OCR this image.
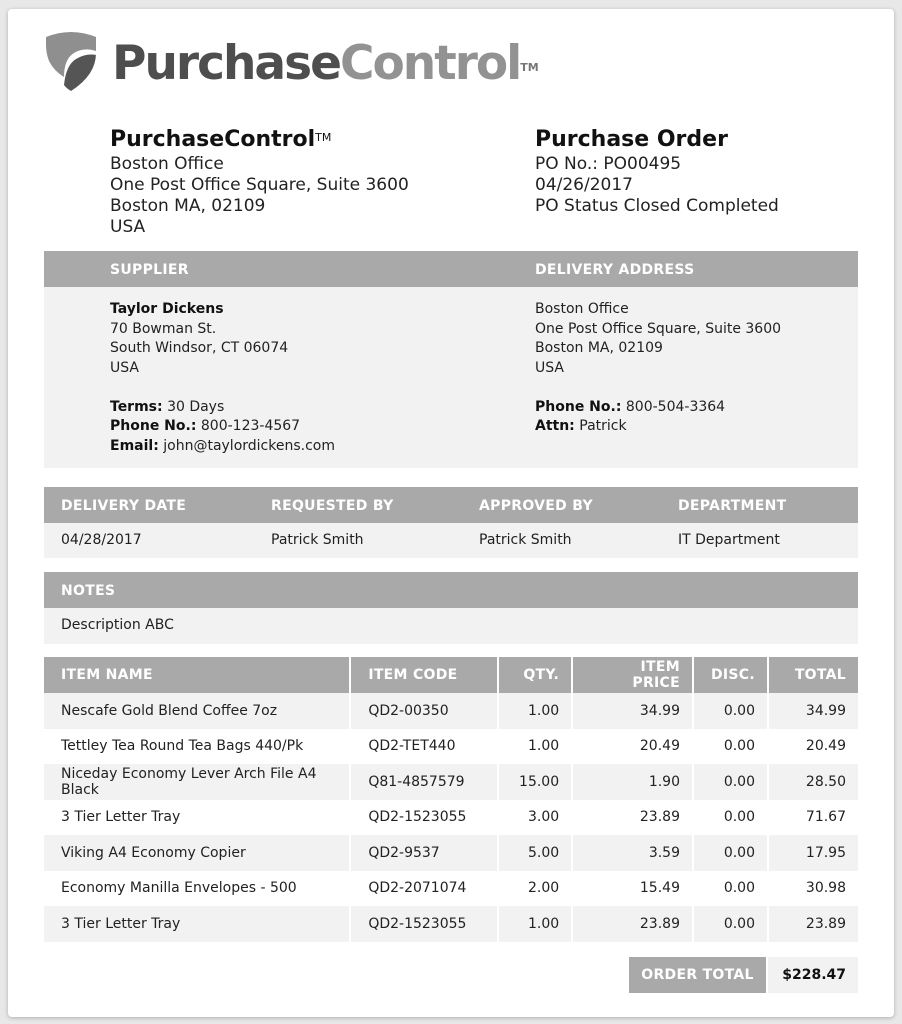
PurchaseControl™
PurchaseControl™
Boston Office
One Post Office Square, Suite 3600
Boston MA, 02109
USA
Purchase Order
PO No.: PO00495
04/26/2017
PO Status Closed Completed
SUPPLIER	DELIVERY ADDRESS
Taylor Dickens
70 Bowman St.
South Windsor, CT 06074
USA
Terms: 30 Days
Phone No.: 800-123-4567
Email: john@taylordickens.com
Boston Office
One Post Office Square, Suite 3600
Boston MA, 02109
USA
Phone No.: 800-504-3364
Attn: Patrick
DELIVERY DATE	REQUESTED BY	APPROVED BY	DEPARTMENT
04/28/2017	Patrick Smith	Patrick Smith	IT Department
NOTES
Description ABC
ITEM NAME	ITEM CODE	QTY.	ITEM PRICE	DISC.	TOTAL
Nescafe Gold Blend Coffee 7oz	QD2-00350	1.00	34.99	0.00	34.99
Tettley Tea Round Tea Bags 440/Pk	QD2-TET440	1.00	20.49	0.00	20.49
Niceday Economy Lever Arch File A4 Black	Q81-4857579	15.00	1.90	0.00	28.50
3 Tier Letter Tray	QD2-1523055	3.00	23.89	0.00	71.67
Viking A4 Economy Copier	QD2-9537	5.00	3.59	0.00	17.95
Economy Manilla Envelopes - 500	QD2-2071074	2.00	15.49	0.00	30.98
3 Tier Letter Tray	QD2-1523055	1.00	23.89	0.00	23.89
ORDER TOTAL	$228.47
